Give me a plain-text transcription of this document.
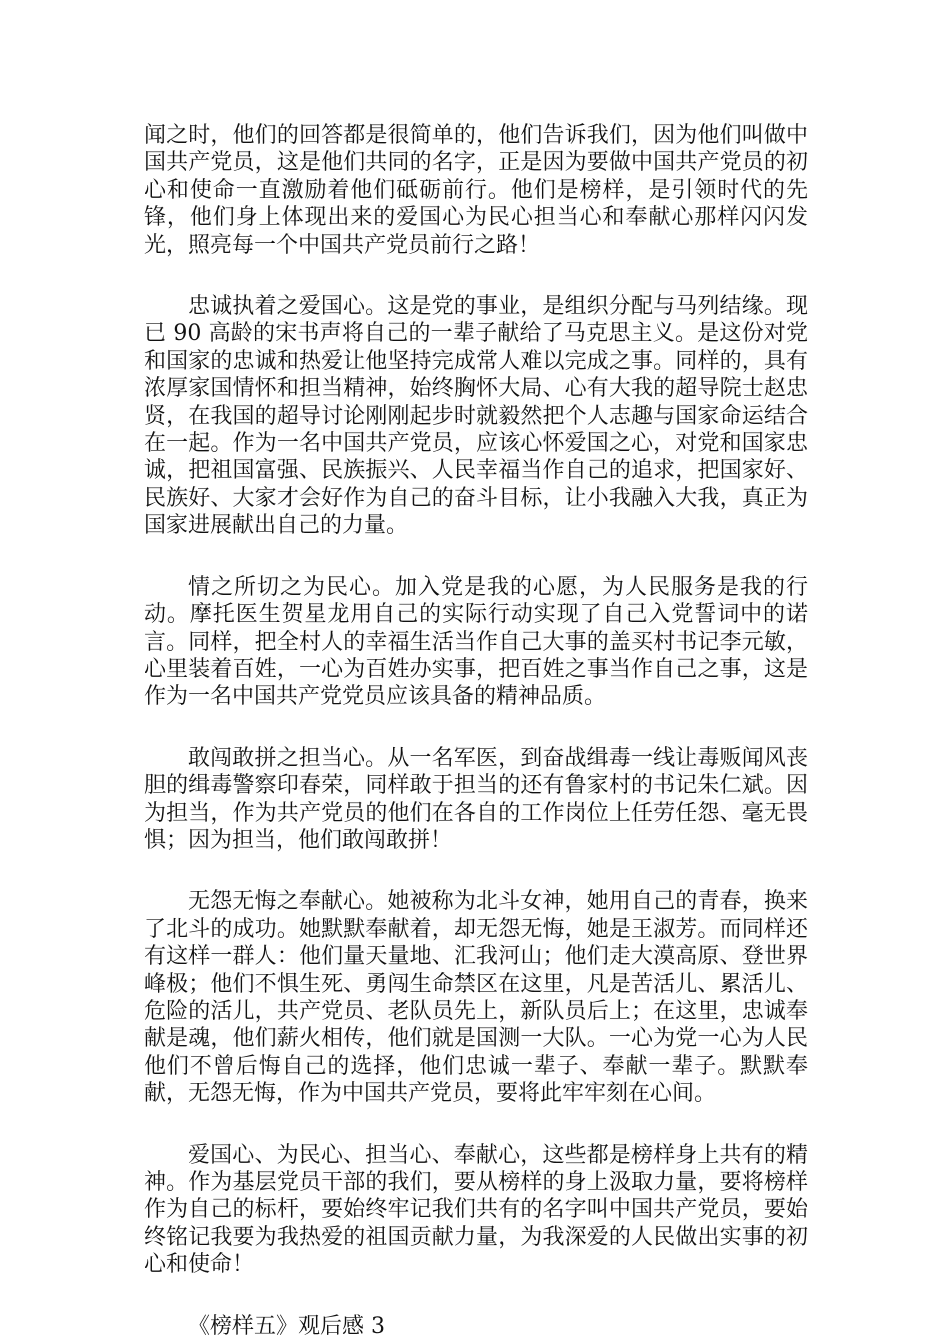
闻之时，他们的回答都是很简单的，他们告诉我们，因为他们叫做中国共产党员，这是他们共同的名字，正是因为要做中国共产党员的初心和使命一直激励着他们砥砺前行。他们是榜样，是引领时代的先锋，他们身上体现出来的爱国心为民心担当心和奉献心那样闪闪发光，照亮每一个中国共产党员前行之路！

忠诚执着之爱国心。这是党的事业，是组织分配与马列结缘。现已 90 高龄的宋书声将自己的一辈子献给了马克思主义。是这份对党和国家的忠诚和热爱让他坚持完成常人难以完成之事。同样的，具有浓厚家国情怀和担当精神，始终胸怀大局、心有大我的超导院士赵忠贤，在我国的超导讨论刚刚起步时就毅然把个人志趣与国家命运结合在一起。作为一名中国共产党员，应该心怀爱国之心，对党和国家忠诚，把祖国富强、民族振兴、人民幸福当作自己的追求，把国家好、民族好、大家才会好作为自己的奋斗目标，让小我融入大我，真正为国家进展献出自己的力量。

情之所切之为民心。加入党是我的心愿，为人民服务是我的行动。摩托医生贺星龙用自己的实际行动实现了自己入党誓词中的诺言。同样，把全村人的幸福生活当作自己大事的盖买村书记李元敏，心里装着百姓，一心为百姓办实事，把百姓之事当作自己之事，这是作为一名中国共产党党员应该具备的精神品质。

敢闯敢拼之担当心。从一名军医，到奋战缉毒一线让毒贩闻风丧胆的缉毒警察印春荣，同样敢于担当的还有鲁家村的书记朱仁斌。因为担当，作为共产党员的他们在各自的工作岗位上任劳任怨、毫无畏惧；因为担当，他们敢闯敢拼！

无怨无悔之奉献心。她被称为北斗女神，她用自己的青春，换来了北斗的成功。她默默奉献着，却无怨无悔，她是王淑芳。而同样还有这样一群人：他们量天量地、汇我河山；他们走大漠高原、登世界峰极；他们不惧生死、勇闯生命禁区在这里，凡是苦活儿、累活儿、危险的活儿，共产党员、老队员先上，新队员后上；在这里，忠诚奉献是魂，他们薪火相传，他们就是国测一大队。一心为党一心为人民他们不曾后悔自己的选择，他们忠诚一辈子、奉献一辈子。默默奉献，无怨无悔，作为中国共产党员，要将此牢牢刻在心间。

爱国心、为民心、担当心、奉献心，这些都是榜样身上共有的精神。作为基层党员干部的我们，要从榜样的身上汲取力量，要将榜样作为自己的标杆，要始终牢记我们共有的名字叫中国共产党员，要始终铭记我要为我热爱的祖国贡献力量，为我深爱的人民做出实事的初心和使命！

《榜样五》观后感 3
